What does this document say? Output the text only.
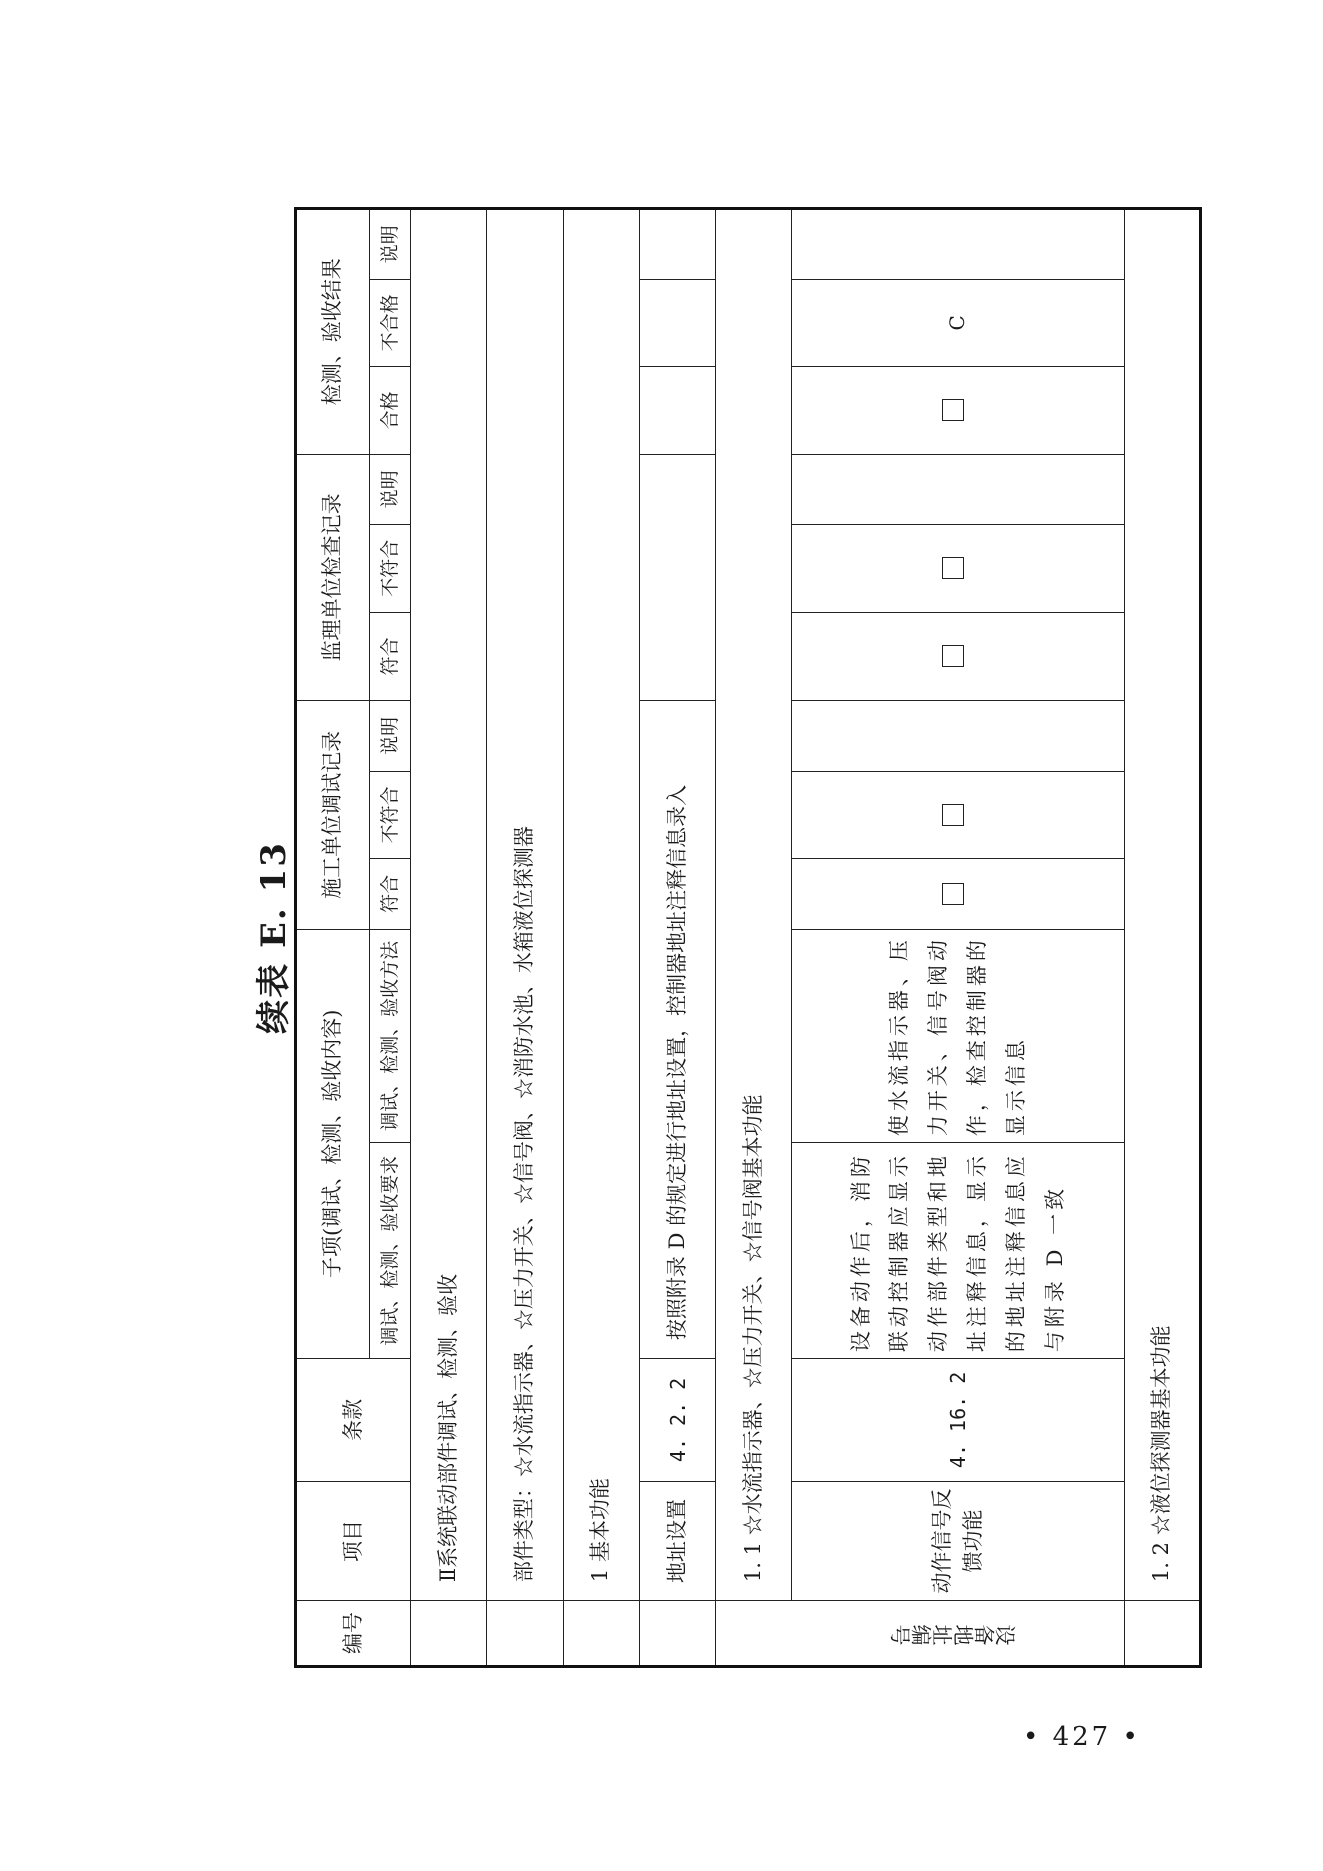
续表 E. 13
编号	项目	条款	子项(调试、检测、验收内容)		施工单位调试记录			监理单位检查记录			检测、验收结果		
			调试、检测、验收要求	调试、检测、验收方法	符合	不符合	说明	符合	不符合	说明	合格	不合格	说明
	Ⅱ系统联动部件调试、检测、验收												
	部件类型：☆水流指示器、☆压力开关、☆信号阀、☆消防水池、水箱液位探测器												
	1 基本功能												
	地址设置	4. 2. 2	按照附录 D 的规定进行地址设置，控制器地址注释信息录入										
	1. 1 ☆水流指示器、☆压力开关、☆信号阀基本功能												
设备地址编号	动作信号反馈功能	4. 16. 2	设备动作后，消防联动控制器应显示动作部件类型和地址注释信息，显示的地址注释信息应与附录 D 一致	使水流指示器、压力开关、信号阀动作，检查控制器的显示信息								C	
	1. 2 ☆液位探测器基本功能												
• 427 •
